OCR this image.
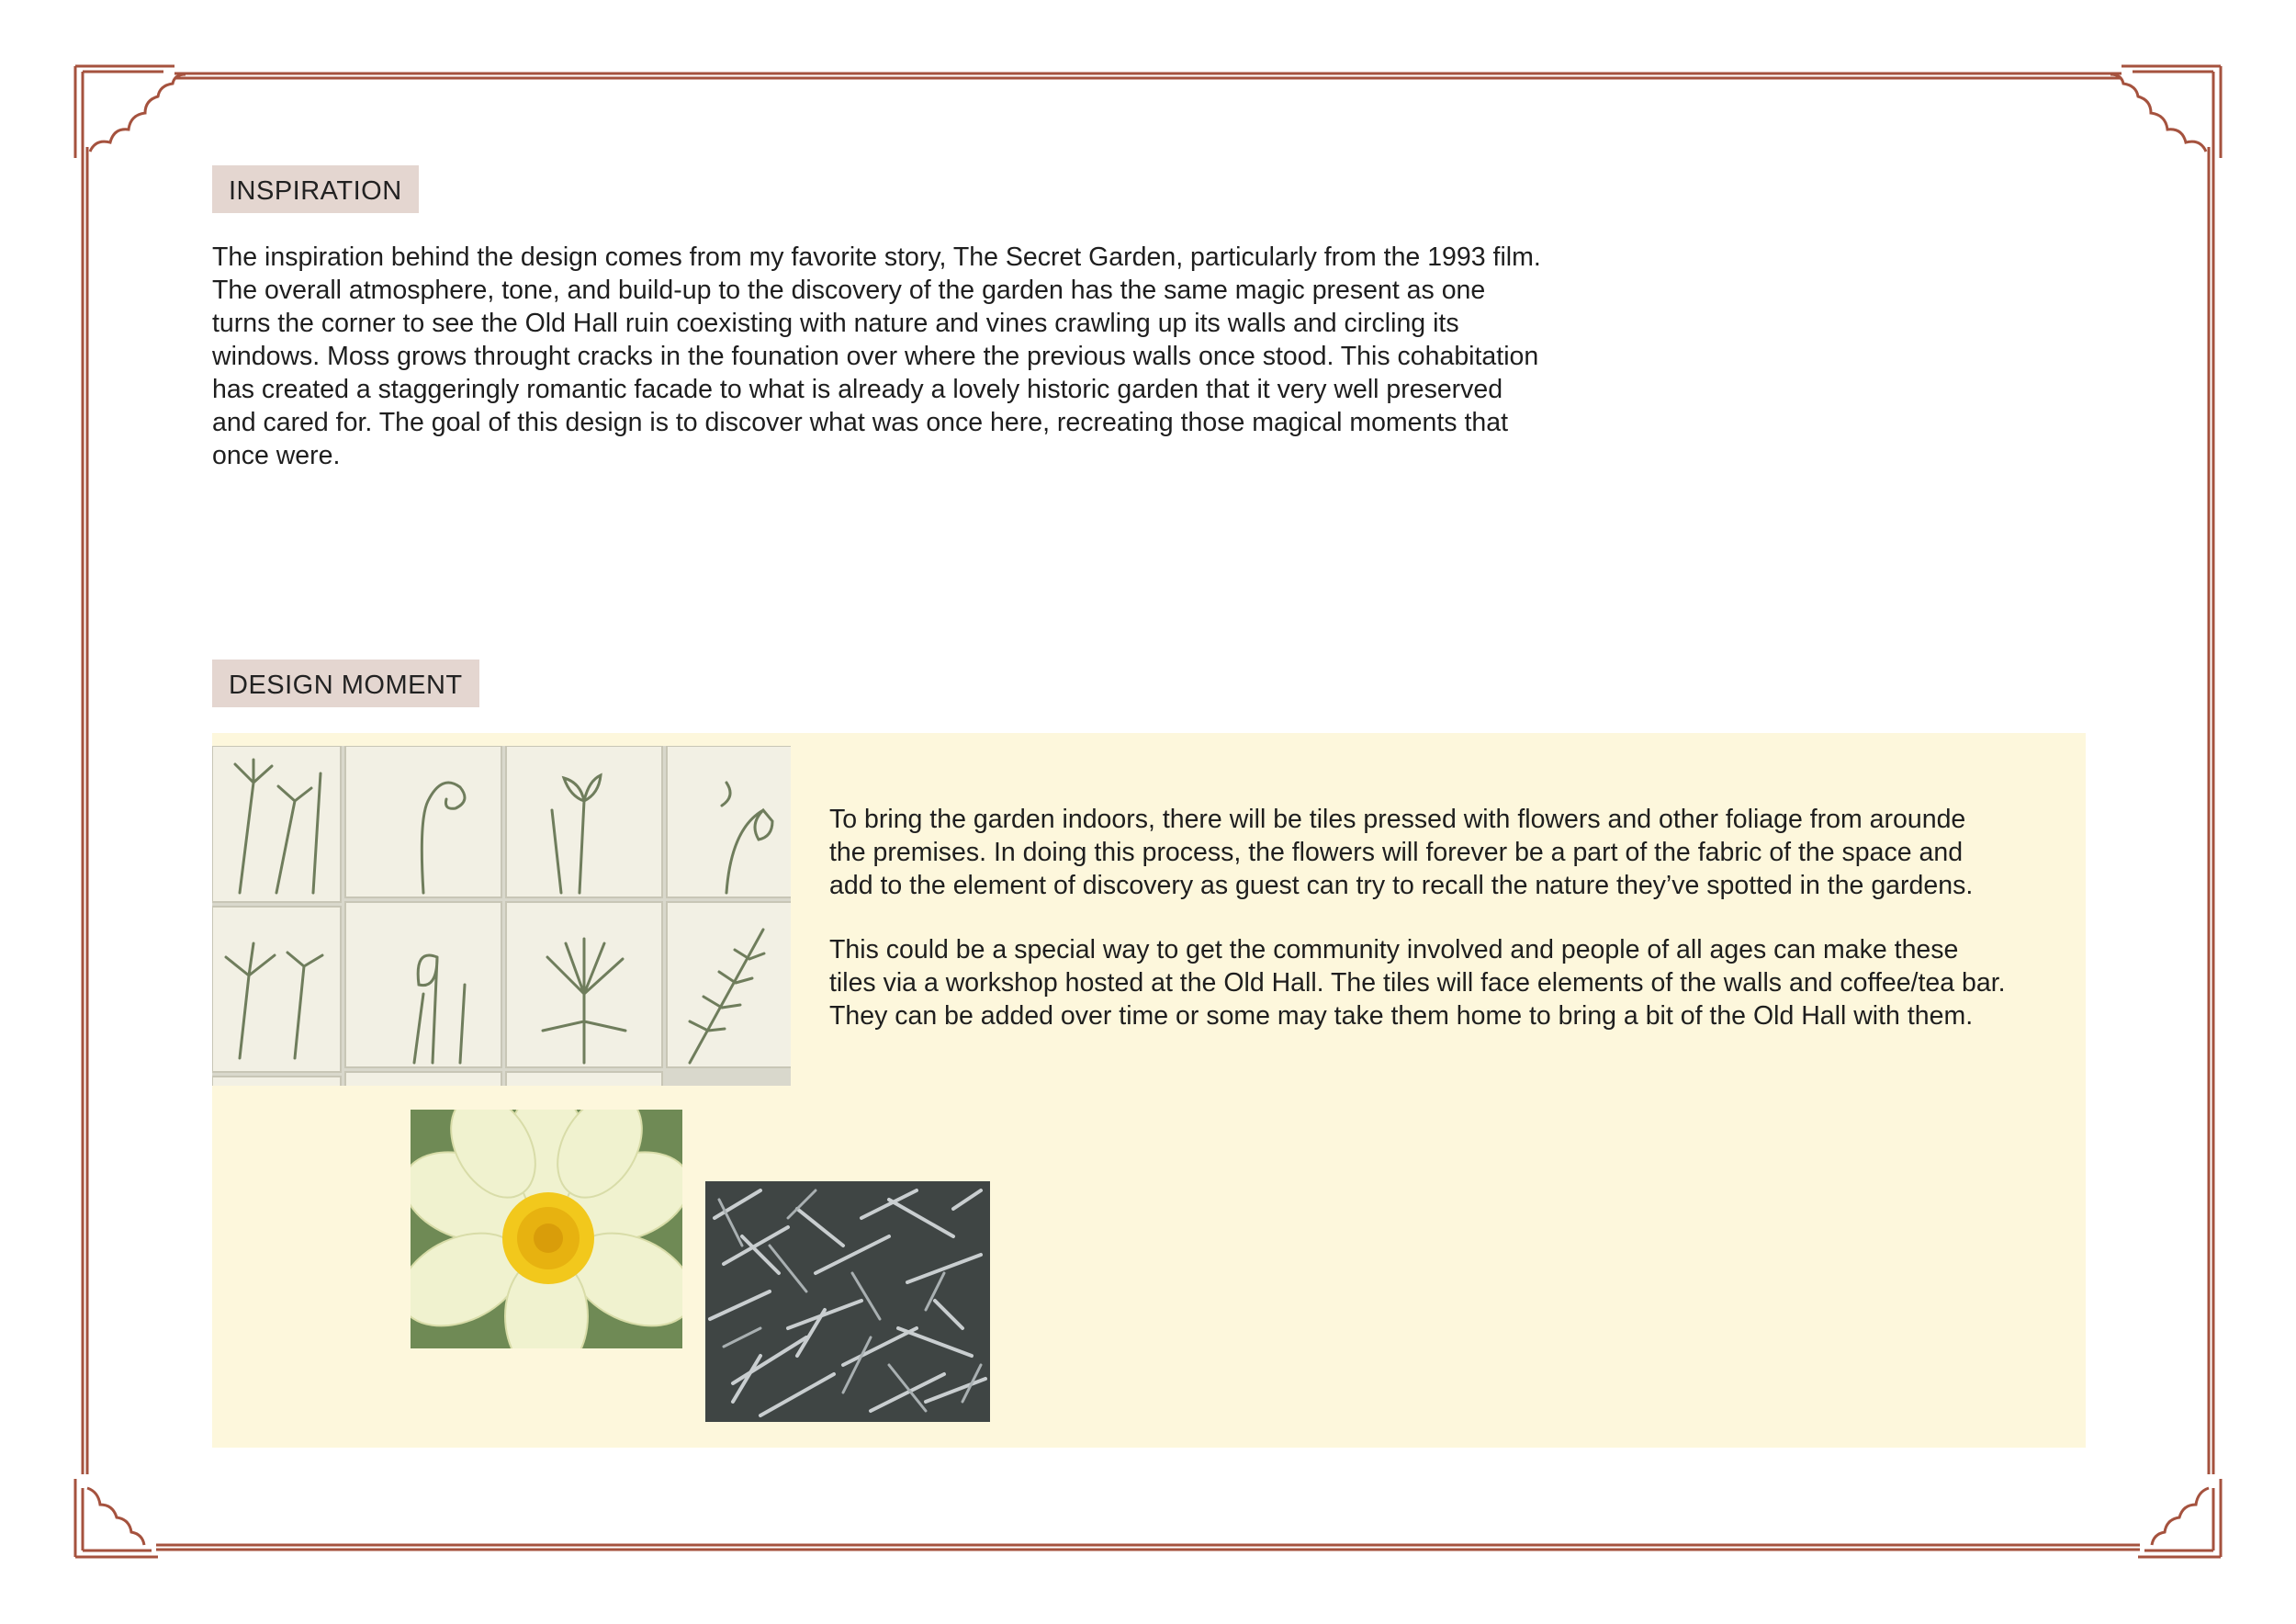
INSPIRATION
The inspiration behind the design comes from my favorite story, The Secret Garden, particularly from the 1993 film.
The overall atmosphere, tone, and build-up to the discovery of the garden has the same magic present as one
turns the corner to see the Old Hall ruin coexisting with nature and vines crawling up its walls and circling its
windows. Moss grows throught cracks in the founation over where the previous walls once stood. This cohabitation
has created a staggeringly romantic facade to what is already a lovely historic garden that it very well preserved
and cared for. The goal of this design is to discover what was once here, recreating those magical moments that
once were.
DESIGN MOMENT

To bring the garden indoors, there will be tiles pressed with flowers and other foliage from arounde
the premises. In doing this process, the flowers will forever be a part of the fabric of the space and
add to the element of discovery as guest can try to recall the nature they’ve spotted in the gardens.

This could be a special way to get the community involved and people of all ages can make these
tiles via a workshop hosted at the Old Hall. The tiles will face elements of the walls and coffee/tea bar.
They can be added over time or some may take them home to bring a bit of the Old Hall with them.
